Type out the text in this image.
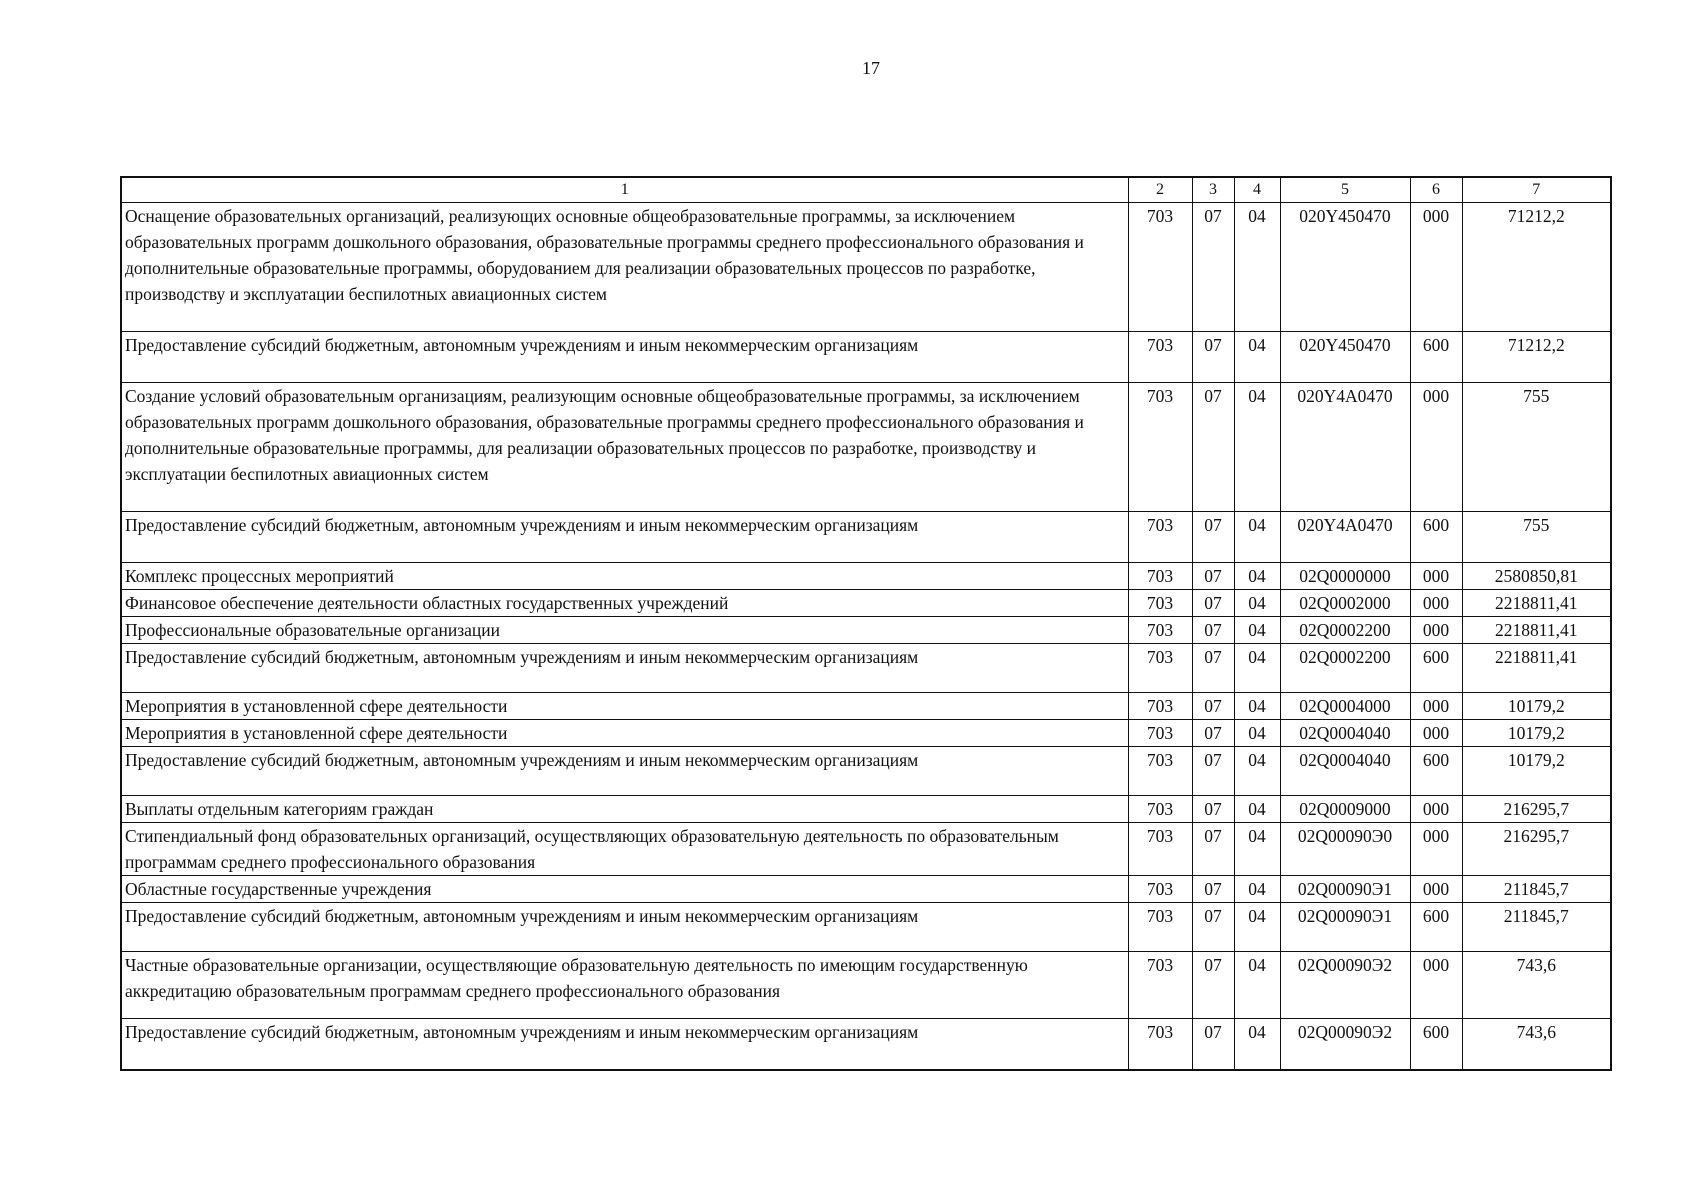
17
1	2	3	4	5	6	7
Оснащение образовательных организаций, реализующих основные общеобразовательные программы, за исключением образовательных программ дошкольного образования, образовательные программы среднего профессионального образования и дополнительные образовательные программы, оборудованием для реализации образовательных процессов по разработке, производству и эксплуатации беспилотных авиационных систем	703	07	04	020Y450470	000	71212,2
Предоставление субсидий бюджетным, автономным учреждениям и иным некоммерческим организациям	703	07	04	020Y450470	600	71212,2
Создание условий образовательным организациям, реализующим основные общеобразовательные программы, за исключением образовательных программ дошкольного образования, образовательные программы среднего профессионального образования и дополнительные образовательные программы, для реализации образовательных процессов по разработке, производству и эксплуатации беспилотных авиационных систем	703	07	04	020Y4A0470	000	755
Предоставление субсидий бюджетным, автономным учреждениям и иным некоммерческим организациям	703	07	04	020Y4A0470	600	755
Комплекс процессных мероприятий	703	07	04	02Q0000000	000	2580850,81
Финансовое обеспечение деятельности областных государственных учреждений	703	07	04	02Q0002000	000	2218811,41
Профессиональные образовательные организации	703	07	04	02Q0002200	000	2218811,41
Предоставление субсидий бюджетным, автономным учреждениям и иным некоммерческим организациям	703	07	04	02Q0002200	600	2218811,41
Мероприятия в установленной сфере деятельности	703	07	04	02Q0004000	000	10179,2
Мероприятия в установленной сфере деятельности	703	07	04	02Q0004040	000	10179,2
Предоставление субсидий бюджетным, автономным учреждениям и иным некоммерческим организациям	703	07	04	02Q0004040	600	10179,2
Выплаты отдельным категориям граждан	703	07	04	02Q0009000	000	216295,7
Стипендиальный фонд образовательных организаций, осуществляющих образовательную деятельность по образовательным программам среднего профессионального образования	703	07	04	02Q00090Э0	000	216295,7
Областные государственные учреждения	703	07	04	02Q00090Э1	000	211845,7
Предоставление субсидий бюджетным, автономным учреждениям и иным некоммерческим организациям	703	07	04	02Q00090Э1	600	211845,7
Частные образовательные организации, осуществляющие образовательную деятельность по имеющим государственную аккредитацию образовательным программам среднего профессионального образования	703	07	04	02Q00090Э2	000	743,6
Предоставление субсидий бюджетным, автономным учреждениям и иным некоммерческим организациям	703	07	04	02Q00090Э2	600	743,6
